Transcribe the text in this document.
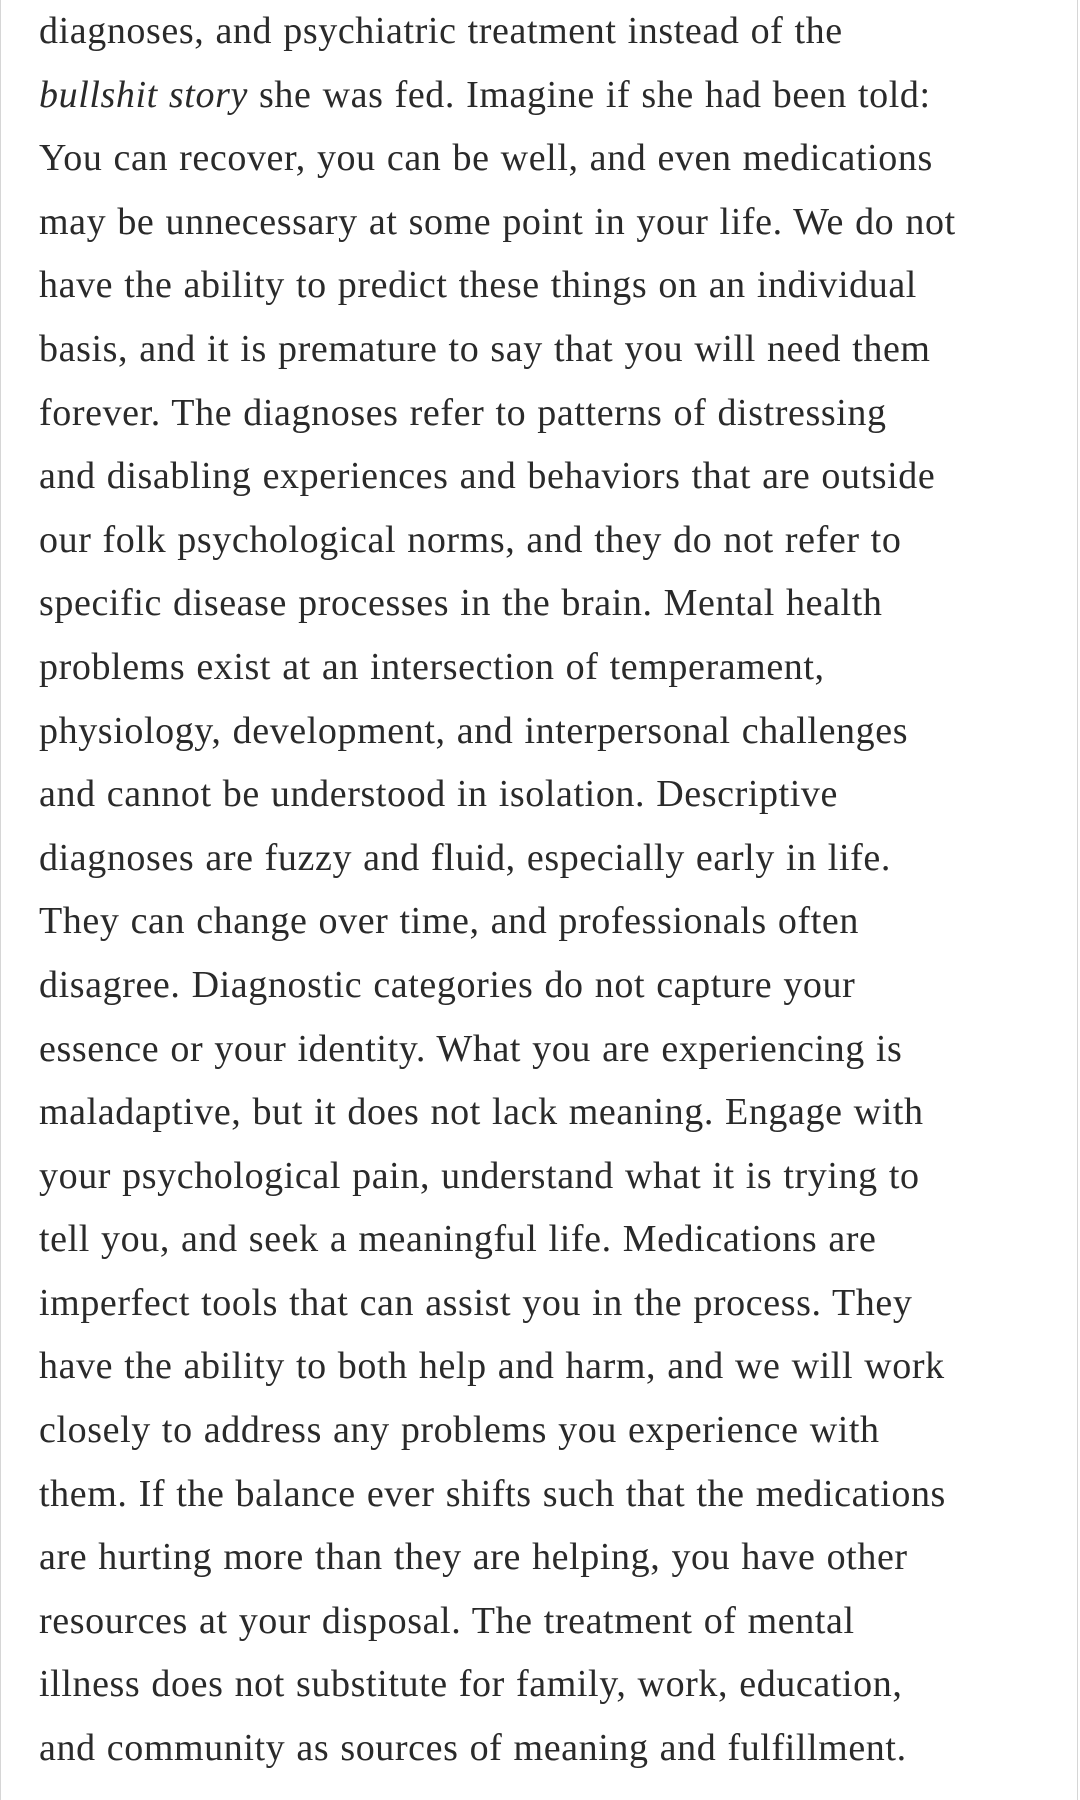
diagnoses, and psychiatric treatment instead of the
bullshit story she was fed. Imagine if she had been told:
You can recover, you can be well, and even medications
may be unnecessary at some point in your life. We do not
have the ability to predict these things on an individual
basis, and it is premature to say that you will need them
forever. The diagnoses refer to patterns of distressing
and disabling experiences and behaviors that are outside
our folk psychological norms, and they do not refer to
specific disease processes in the brain. Mental health
problems exist at an intersection of temperament,
physiology, development, and interpersonal challenges
and cannot be understood in isolation. Descriptive
diagnoses are fuzzy and fluid, especially early in life.
They can change over time, and professionals often
disagree. Diagnostic categories do not capture your
essence or your identity. What you are experiencing is
maladaptive, but it does not lack meaning. Engage with
your psychological pain, understand what it is trying to
tell you, and seek a meaningful life. Medications are
imperfect tools that can assist you in the process. They
have the ability to both help and harm, and we will work
closely to address any problems you experience with
them. If the balance ever shifts such that the medications
are hurting more than they are helping, you have other
resources at your disposal. The treatment of mental
illness does not substitute for family, work, education,
and community as sources of meaning and fulfillment.
